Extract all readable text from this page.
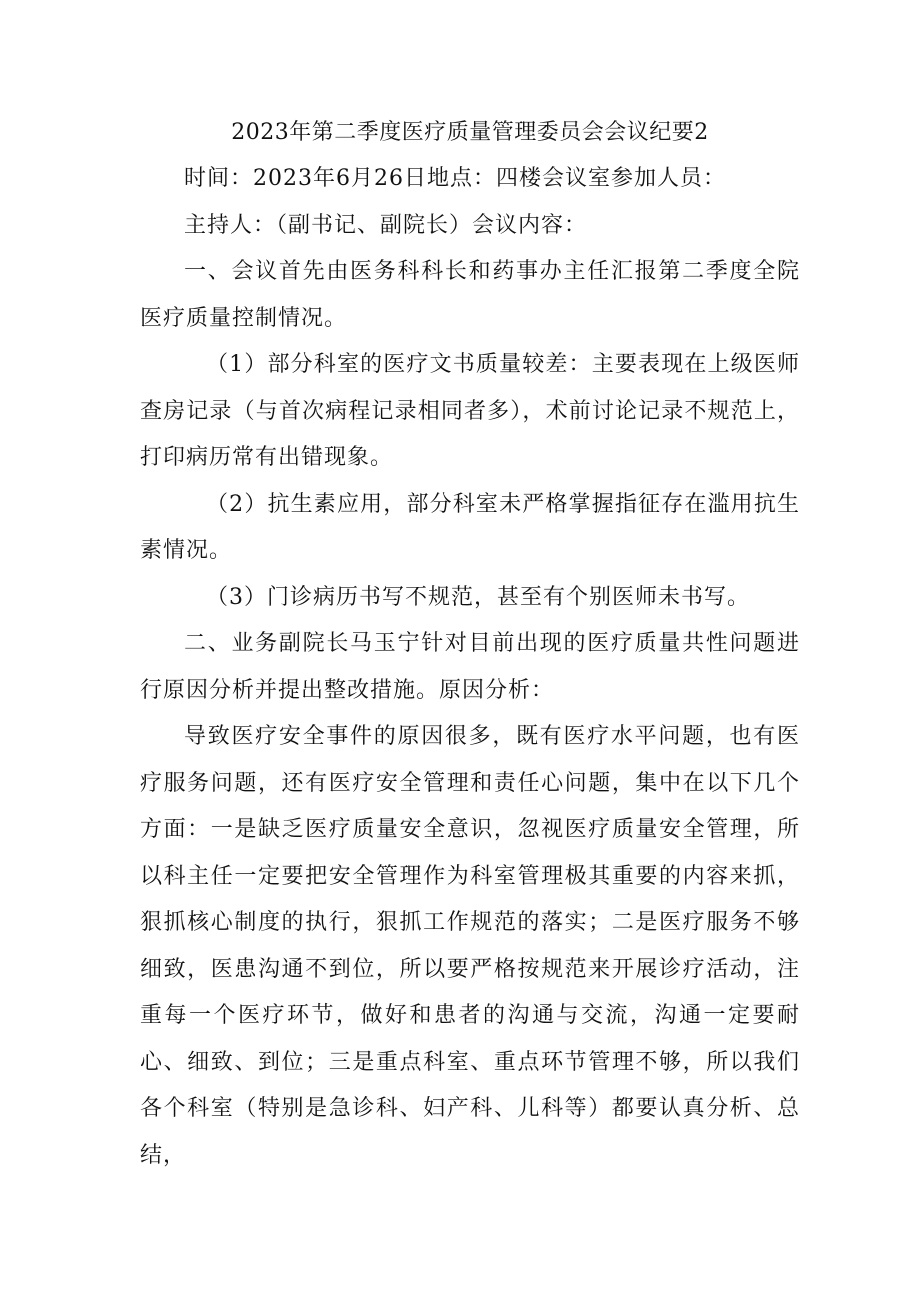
2023年第二季度医疗质量管理委员会会议纪要2

时间：2023年6月26日地点：四楼会议室参加人员：

主持人：（副书记、副院长）会议内容：

一、会议首先由医务科科长和药事办主任汇报第二季度全院医疗质量控制情况。

（1）部分科室的医疗文书质量较差：主要表现在上级医师查房记录（与首次病程记录相同者多），术前讨论记录不规范上，打印病历常有出错现象。

（2）抗生素应用，部分科室未严格掌握指征存在滥用抗生素情况。

（3）门诊病历书写不规范，甚至有个别医师未书写。

二、业务副院长马玉宁针对目前出现的医疗质量共性问题进行原因分析并提出整改措施。原因分析：

导致医疗安全事件的原因很多，既有医疗水平问题，也有医疗服务问题，还有医疗安全管理和责任心问题，集中在以下几个方面：一是缺乏医疗质量安全意识，忽视医疗质量安全管理，所以科主任一定要把安全管理作为科室管理极其重要的内容来抓，狠抓核心制度的执行，狠抓工作规范的落实；二是医疗服务不够细致，医患沟通不到位，所以要严格按规范来开展诊疗活动，注重每一个医疗环节，做好和患者的沟通与交流，沟通一定要耐心、细致、到位；三是重点科室、重点环节管理不够，所以我们各个科室（特别是急诊科、妇产科、儿科等）都要认真分析、总结，
